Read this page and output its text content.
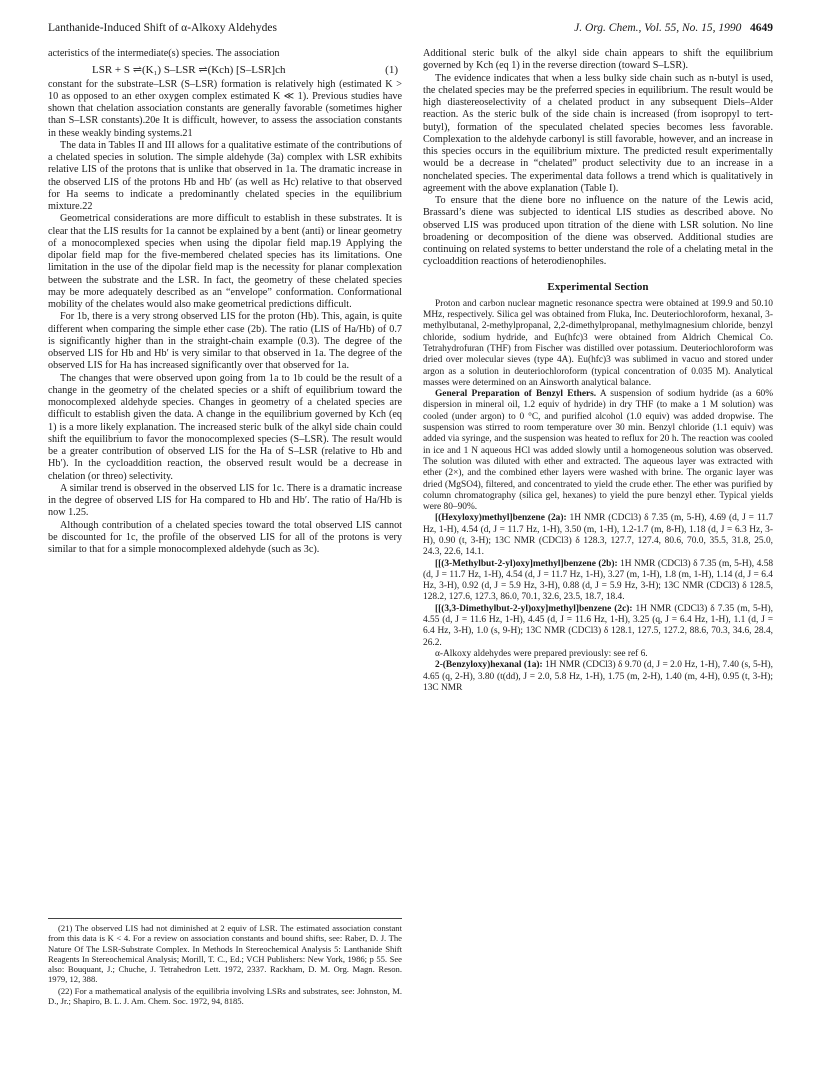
Lanthanide-Induced Shift of α-Alkoxy Aldehydes	J. Org. Chem., Vol. 55, No. 15, 1990 4649

acteristics of the intermediate(s) species. The association

LSR + S ⇌(K₁) S–LSR ⇌(Kch) [S–LSR]ch	(1)

constant for the substrate–LSR (S–LSR) formation is relatively high (estimated K > 10 as opposed to an ether oxygen complex estimated K ≪ 1). Previous studies have shown that chelation association constants are generally favorable (sometimes higher than S–LSR constants).20e It is difficult, however, to assess the association constants in these weakly binding systems.21

The data in Tables II and III allows for a qualitative estimate of the contributions of a chelated species in solution. The simple aldehyde (3a) complex with LSR exhibits relative LIS of the protons that is unlike that observed in 1a. The dramatic increase in the observed LIS of the protons Hb and Hb′ (as well as Hc) relative to that observed for Ha seems to indicate a predominantly chelated species in the equilibrium mixture.22

Geometrical considerations are more difficult to establish in these substrates. It is clear that the LIS results for 1a cannot be explained by a bent (anti) or linear geometry of a monocomplexed species when using the dipolar field map.19 Applying the dipolar field map for the five-membered chelated species has its limitations. One limitation in the use of the dipolar field map is the necessity for planar complexation between the substrate and the LSR. In fact, the geometry of these chelated species may be more adequately described as an “envelope” conformation. Conformational mobility of the chelates would also make geometrical predictions difficult.

For 1b, there is a very strong observed LIS for the proton (Hb). This, again, is quite different when comparing the simple ether case (2b). The ratio (LIS of Ha/Hb) of 0.7 is significantly higher than in the straight-chain example (0.3). The degree of the observed LIS for Hb and Hb′ is very similar to that observed in 1a. The degree of the observed LIS for Ha has increased significantly over that observed for 1a.

The changes that were observed upon going from 1a to 1b could be the result of a change in the geometry of the chelated species or a shift of equilibrium toward the monocomplexed aldehyde species. Changes in geometry of a chelated species are difficult to establish given the data. A change in the equilibrium governed by Kch (eq 1) is a more likely explanation. The increased steric bulk of the alkyl side chain could shift the equilibrium to favor the monocomplexed species (S–LSR). The result would be a greater contribution of observed LIS for the Ha of S–LSR (relative to Hb and Hb′). In the cycloaddition reaction, the observed result would be a decrease in chelation (or threo) selectivity.

A similar trend is observed in the observed LIS for 1c. There is a dramatic increase in the degree of observed LIS for Ha compared to Hb and Hb′. The ratio of Ha/Hb is now 1.25.

Although contribution of a chelated species toward the total observed LIS cannot be discounted for 1c, the profile of the observed LIS for all of the protons is very similar to that for a simple monocomplexed aldehyde (such as 3c).

(21) The observed LIS had not diminished at 2 equiv of LSR. The estimated association constant from this data is K < 4. For a review on association constants and bound shifts, see: Raber, D. J. The Nature Of The LSR-Substrate Complex. In Methods In Stereochemical Analysis 5: Lanthanide Shift Reagents In Stereochemical Analysis; Morill, T. C., Ed.; VCH Publishers: New York, 1986; p 55. See also: Bouquant, J.; Chuche, J. Tetrahedron Lett. 1972, 2337. Rackham, D. M. Org. Magn. Reson. 1979, 12, 388.

(22) For a mathematical analysis of the equilibria involving LSRs and substrates, see: Johnston, M. D., Jr.; Shapiro, B. L. J. Am. Chem. Soc. 1972, 94, 8185.

Additional steric bulk of the alkyl side chain appears to shift the equilibrium governed by Kch (eq 1) in the reverse direction (toward S–LSR).

The evidence indicates that when a less bulky side chain such as n-butyl is used, the chelated species may be the preferred species in equilibrium. The result would be high diastereoselectivity of a chelated product in any subsequent Diels–Alder reaction. As the steric bulk of the side chain is increased (from isopropyl to tert-butyl), formation of the speculated chelated species becomes less favorable. Complexation to the aldehyde carbonyl is still favorable, however, and an increase in this species occurs in the equilibrium mixture. The predicted result experimentally would be a decrease in “chelated” product selectivity due to an increase in a nonchelated species. The experimental data follows a trend which is qualitatively in agreement with the above explanation (Table I).

To ensure that the diene bore no influence on the nature of the Lewis acid, Brassard’s diene was subjected to identical LIS studies as described above. No observed LIS was produced upon titration of the diene with LSR solution. No line broadening or decomposition of the diene was observed. Additional studies are continuing on related systems to better understand the role of a chelating metal in the cycloaddition reactions of heterodienophiles.

Experimental Section

Proton and carbon nuclear magnetic resonance spectra were obtained at 199.9 and 50.10 MHz, respectively. Silica gel was obtained from Fluka, Inc. Deuteriochloroform, hexanal, 3-methylbutanal, 2-methylpropanal, 2,2-dimethylpropanal, methylmagnesium chloride, benzyl chloride, sodium hydride, and Eu(hfc)3 were obtained from Aldrich Chemical Co. Tetrahydrofuran (THF) from Fischer was distilled over potassium. Deuteriochloroform was dried over molecular sieves (type 4A). Eu(hfc)3 was sublimed in vacuo and stored under argon as a solution in deuteriochloroform (typical concentration of 0.035 M). Analytical masses were determined on an Ainsworth analytical balance.

General Preparation of Benzyl Ethers. A suspension of sodium hydride (as a 60% dispersion in mineral oil, 1.2 equiv of hydride) in dry THF (to make a 1 M solution) was cooled (under argon) to 0 °C, and purified alcohol (1.0 equiv) was added dropwise. The suspension was stirred to room temperature over 30 min. Benzyl chloride (1.1 equiv) was added via syringe, and the suspension was heated to reflux for 20 h. The reaction was cooled in ice and 1 N aqueous HCl was added slowly until a homogeneous solution was observed. The solution was diluted with ether and extracted. The aqueous layer was extracted with ether (2×), and the combined ether layers were washed with brine. The organic layer was dried (MgSO4), filtered, and concentrated to yield the crude ether. The ether was purified by column chromatography (silica gel, hexanes) to yield the pure benzyl ether. Typical yields were 80–90%.

[(Hexyloxy)methyl]benzene (2a): 1H NMR (CDCl3) δ 7.35 (m, 5-H), 4.69 (d, J = 11.7 Hz, 1-H), 4.54 (d, J = 11.7 Hz, 1-H), 3.50 (m, 1-H), 1.2-1.7 (m, 8-H), 1.18 (d, J = 6.3 Hz, 3-H), 0.90 (t, 3-H); 13C NMR (CDCl3) δ 128.3, 127.7, 127.4, 80.6, 70.0, 35.5, 31.8, 25.0, 24.3, 22.6, 14.1.

[[(3-Methylbut-2-yl)oxy]methyl]benzene (2b): 1H NMR (CDCl3) δ 7.35 (m, 5-H), 4.58 (d, J = 11.7 Hz, 1-H), 4.54 (d, J = 11.7 Hz, 1-H), 3.27 (m, 1-H), 1.8 (m, 1-H), 1.14 (d, J = 6.4 Hz, 3-H), 0.92 (d, J = 5.9 Hz, 3-H), 0.88 (d, J = 5.9 Hz, 3-H); 13C NMR (CDCl3) δ 128.5, 128.2, 127.6, 127.3, 86.0, 70.1, 32.6, 23.5, 18.7, 18.4.

[[(3,3-Dimethylbut-2-yl)oxy]methyl]benzene (2c): 1H NMR (CDCl3) δ 7.35 (m, 5-H), 4.55 (d, J = 11.6 Hz, 1-H), 4.45 (d, J = 11.6 Hz, 1-H), 3.25 (q, J = 6.4 Hz, 1-H), 1.1 (d, J = 6.4 Hz, 3-H), 1.0 (s, 9-H); 13C NMR (CDCl3) δ 128.1, 127.5, 127.2, 88.6, 70.3, 34.6, 28.4, 26.2.

α-Alkoxy aldehydes were prepared previously: see ref 6.

2-(Benzyloxy)hexanal (1a): 1H NMR (CDCl3) δ 9.70 (d, J = 2.0 Hz, 1-H), 7.40 (s, 5-H), 4.65 (q, 2-H), 3.80 (t(dd), J = 2.0, 5.8 Hz, 1-H), 1.75 (m, 2-H), 1.40 (m, 4-H), 0.95 (t, 3-H); 13C NMR
